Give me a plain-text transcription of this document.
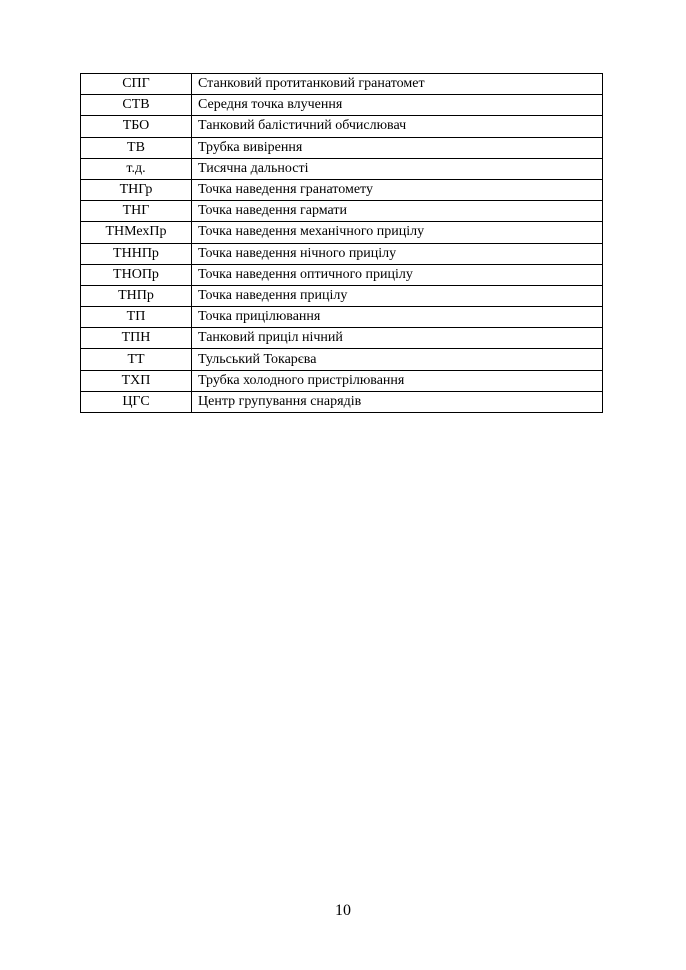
СПГ	Станковий протитанковий гранатомет
СТВ	Середня точка влучення
ТБО	Танковий балістичний обчислювач
ТВ	Трубка вивірення
т.д.	Тисячна дальності
ТНГр	Точка наведення гранатомету
ТНГ	Точка наведення гармати
ТНМехПр	Точка наведення механічного прицілу
ТННПр	Точка наведення нічного прицілу
ТНОПр	Точка наведення оптичного прицілу
ТНПр	Точка наведення прицілу
ТП	Точка прицілювання
ТПН	Танковий приціл нічний
ТТ	Тульський Токарєва
ТХП	Трубка холодного пристрілювання
ЦГС	Центр групування снарядів
10
